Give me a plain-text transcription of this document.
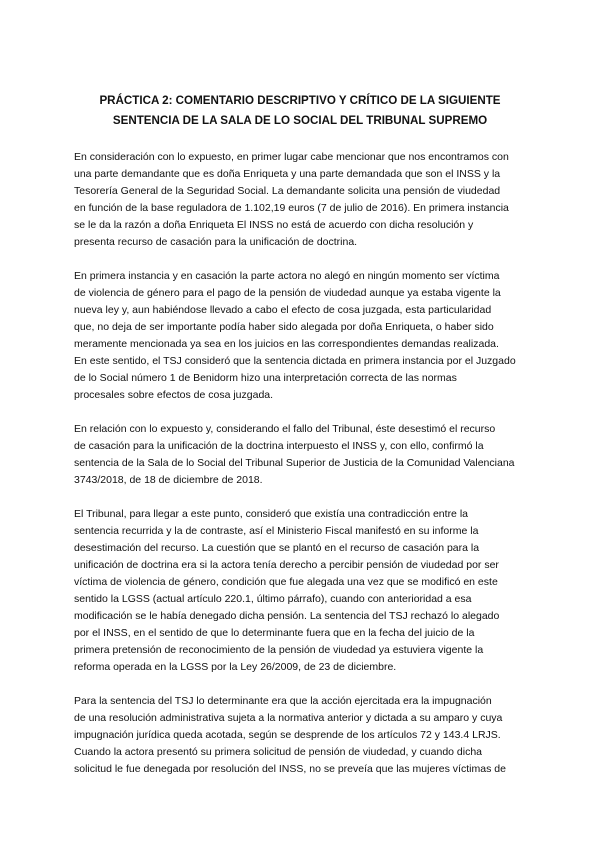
PRÁCTICA 2: COMENTARIO DESCRIPTIVO Y CRÍTICO DE LA SIGUIENTE
SENTENCIA DE LA SALA DE LO SOCIAL DEL TRIBUNAL SUPREMO

En consideración con lo expuesto, en primer lugar cabe mencionar que nos encontramos con
una parte demandante que es doña Enriqueta y una parte demandada que son el INSS y la
Tesorería General de la Seguridad Social. La demandante solicita una pensión de viudedad
en función de la base reguladora de 1.102,19 euros (7 de julio de 2016). En primera instancia
se le da la razón a doña Enriqueta El INSS no está de acuerdo con dicha resolución y
presenta recurso de casación para la unificación de doctrina.

En primera instancia y en casación la parte actora no alegó en ningún momento ser víctima
de violencia de género para el pago de la pensión de viudedad aunque ya estaba vigente la
nueva ley y, aun habiéndose llevado a cabo el efecto de cosa juzgada, esta particularidad
que, no deja de ser importante podía haber sido alegada por doña Enriqueta, o haber sido
meramente mencionada ya sea en los juicios en las correspondientes demandas realizada.
En este sentido, el TSJ consideró que la sentencia dictada en primera instancia por el Juzgado
de lo Social número 1 de Benidorm hizo una interpretación correcta de las normas
procesales sobre efectos de cosa juzgada.

En relación con lo expuesto y, considerando el fallo del Tribunal, éste desestimó el recurso
de casación para la unificación de la doctrina interpuesto el INSS y, con ello, confirmó la
sentencia de la Sala de lo Social del Tribunal Superior de Justicia de la Comunidad Valenciana
3743/2018, de 18 de diciembre de 2018.

El Tribunal, para llegar a este punto, consideró que existía una contradicción entre la
sentencia recurrida y la de contraste, así el Ministerio Fiscal manifestó en su informe la
desestimación del recurso. La cuestión que se plantó en el recurso de casación para la
unificación de doctrina era si la actora tenía derecho a percibir pensión de viudedad por ser
víctima de violencia de género, condición que fue alegada una vez que se modificó en este
sentido la LGSS (actual artículo 220.1, último párrafo), cuando con anterioridad a esa
modificación se le había denegado dicha pensión. La sentencia del TSJ rechazó lo alegado
por el INSS, en el sentido de que lo determinante fuera que en la fecha del juicio de la
primera pretensión de reconocimiento de la pensión de viudedad ya estuviera vigente la
reforma operada en la LGSS por la Ley 26/2009, de 23 de diciembre.

Para la sentencia del TSJ lo determinante era que la acción ejercitada era la impugnación
de una resolución administrativa sujeta a la normativa anterior y dictada a su amparo y cuya
impugnación jurídica queda acotada, según se desprende de los artículos 72 y 143.4 LRJS.
Cuando la actora presentó su primera solicitud de pensión de viudedad, y cuando dicha
solicitud le fue denegada por resolución del INSS, no se preveía que las mujeres víctimas de
